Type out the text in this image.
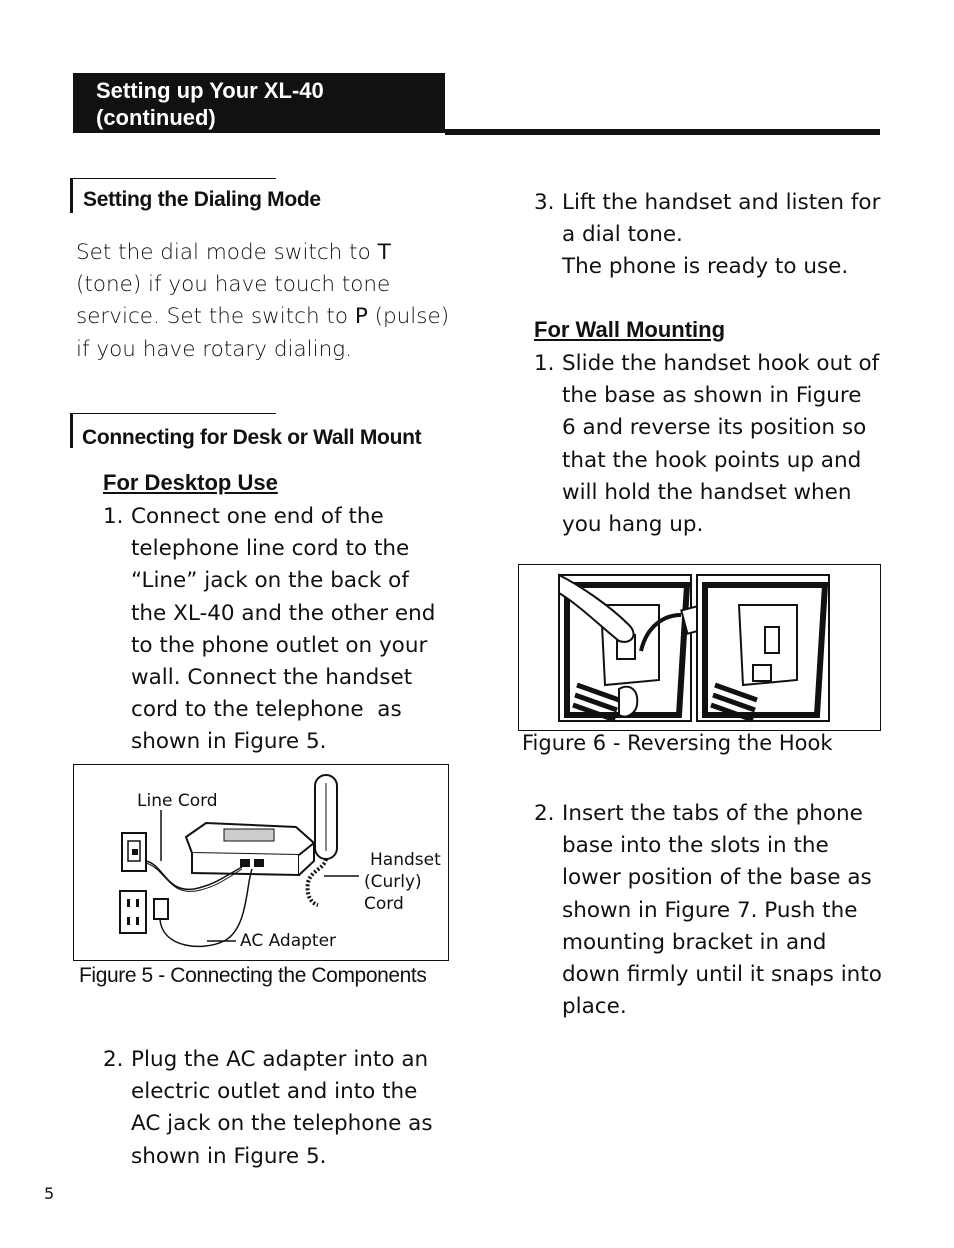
Setting up Your XL-40
(continued)
Setting the Dialing Mode
Set the dial mode switch to T
(tone) if you have touch tone
service. Set the switch to P (pulse)
if you have rotary dialing.
Connecting for Desk or Wall Mount
For Desktop Use
1. Connect one end of the
telephone line cord to the
“Line” jack on the back of
the XL-40 and the other end
to the phone outlet on your
wall. Connect the handset
cord to the telephone  as
shown in Figure 5.
Line Cord
Handset
(Curly)
Cord
AC Adapter
Figure 5 - Connecting the Components
2. Plug the AC adapter into an
electric outlet and into the
AC jack on the telephone as
shown in Figure 5.
3. Lift the handset and listen for
a dial tone.
The phone is ready to use.
For Wall Mounting
1. Slide the handset hook out of
the base as shown in Figure
6 and reverse its position so
that the hook points up and
will hold the handset when
you hang up.
Figure 6 - Reversing the Hook
2. Insert the tabs of the phone
base into the slots in the
lower position of the base as
shown in Figure 7. Push the
mounting bracket in and
down firmly until it snaps into
place.
5
